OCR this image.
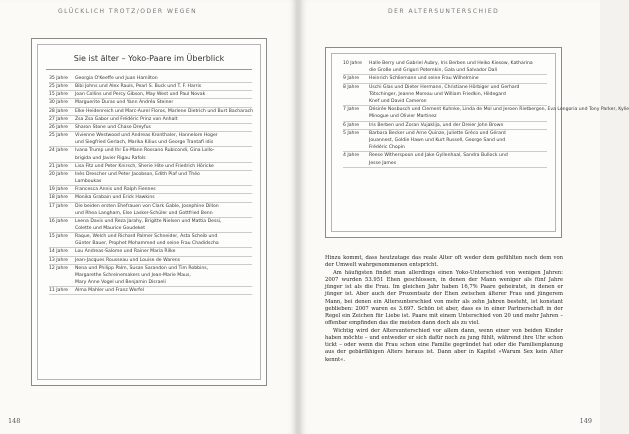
GLÜCKLICH TROTZ/ODER WEGEN
Sie ist älter – Yoko-Paare im Überblick
35 Jahre	Georgia O'Keeffe und Juan Hamilton
25 Jahre	Bibi Johns und Alex Rauls, Pearl S. Buck und T. F. Harris
15 Jahre	Joan Collins und Percy Gibson, May West und Paul Novak
30 Jahre	Marguerite Duras und Yann Andréa Steiner
28 Jahre	Elke Heidenreich und Marc-Aurel Floros, Marlene Dietrich und Burt Bacharach
27 Jahre	Zsa Zsa Gabor und Frédéric Prinz von Anhalt
26 Jahre	Sharon Stone und Chase Dreyfus
25 Jahre	Vivienne Westwood und Andreas Kronthaler, Hannelore Hoger
und Siegfried Gerlach, Marika Kilius und George Trantafi idis
24 Jahre	Ivana Trump und Ihr Ex-Mann Rossano Rubicondi, Gina Lollo-
brigida und Javier Rigau Rafols
21 Jahre	Lisa Fitz und Peter Knirsch, Sherie Hite und Friedrich Höricke
20 Jahre	Inès Drescher und Peter Jacobson, Edith Piaf und Théo
Lamboukas
19 Jahre	Francesca Annis und Ralph Fiennes
18 Jahre	Monika Grabain und Erick Hawkins
17 Jahre	Die beiden ersten Ehefrauen von Clark Gable, Josephine Dillon
und Rhea Langham, Else Lasker-Schüler und Gottfried Benn
16 Jahre	Leena Davis und Reza Jarahy, Brigitte Nielsen und Mattia Dessi,
Colette und Maurice Goudeket
15 Jahre	Raque, Welch und Richard Palmer Schneider, Asta Scheib und
Günter Bauer, Prophet Mohammed und seine Frau Chadidscha
14 Jahre	Lou Andreas-Salome und Rainer Maria Rilke
13 Jahre	Jean-Jacques Rousseau und Louise de Warens
12 Jahre	Nena und Philipp Palm, Susan Sarandon und Tim Robbins,
Margarethe Schreinemakers und Jean-Marie Maus,
Mary Anne Vogel und Benjamin Disraeli
11 Jahre	Alma Mahler und Franz Werfel
148
DER ALTERSUNTERSCHIED
10 Jahre	Halle Berry und Gabriel Aubry, Iris Berben und Heiko Kiesow, Katharina
die Große und Grigori Potemkin, Gala und Salvador Dalí
9 Jahre	Heinrich Schliemann und seine Frau Wilhelmine
8 Jahre	Uschi Glas und Dieter Hermann, Christiane Hörbiger und Gerhard
Tötschinger, Jeanne Moreau und William Friedkin, Hildegard
Knef und David Cameron
7 Jahre	Désirée Nosbusch und Clement Kuhnke, Linda de Mol und Jeroen Rietbergen, Eva Longoria und Tony Parker, Kylie
Minogue und Olivier Martinez
6 Jahre	Iris Berben und Zoran Vujaklija, und der Dreier John Brown
5 Jahre	Barbara Becker und Arne Quinze, Juliette Gréco und Gérard
Jouannest, Goldie Hawn und Kurt Russell, George Sand und
Frédéric Chopin
4 Jahre	Reese Witherspoon und Jake Gyllenhaal, Sandra Bullock und
Jesse James

Hinzu kommt, dass heutzutage das reale Alter oft weder dem gefühlten noch dem von der Umwelt wahrgenommenen entspricht.

Am häufigsten findet man allerdings einen Yoko-Unterschied von wenigen Jahren: 2007 wurden 53.951 Ehen geschlossen, in denen der Mann weniger als fünf Jahre jünger ist als die Frau. Im gleichen Jahr haben 16,7% Paare geheiratet, in denen er jünger ist. Aber auch der Prozentsatz der Ehen zwischen älterer Frau und jüngerem Mann, bei denen ein Altersunterschied von mehr als zehn Jahren besteht, ist konstant geblieben: 2007 waren es 3.697. Schön ist aber, dass es in einer Partnerschaft in der Regel ein Zeichen für Liebe ist. Paare mit einem Unterschied von 20 und mehr Jahren – offenbar empfinden das die meisten dann doch als zu viel.

Wichtig wird der Altersunterschied vor allem dann, wenn einer von beiden Kinder haben möchte – und entweder er sich dafür noch zu jung fühlt, während ihre Uhr schon tickt – oder wenn die Frau schon eine Familie gegründet hat oder die Familienplanung aus der gebärfähigen Alters heraus ist. Dann aber in Kapitel »Warum Sex kein Alter kennt«.

149
